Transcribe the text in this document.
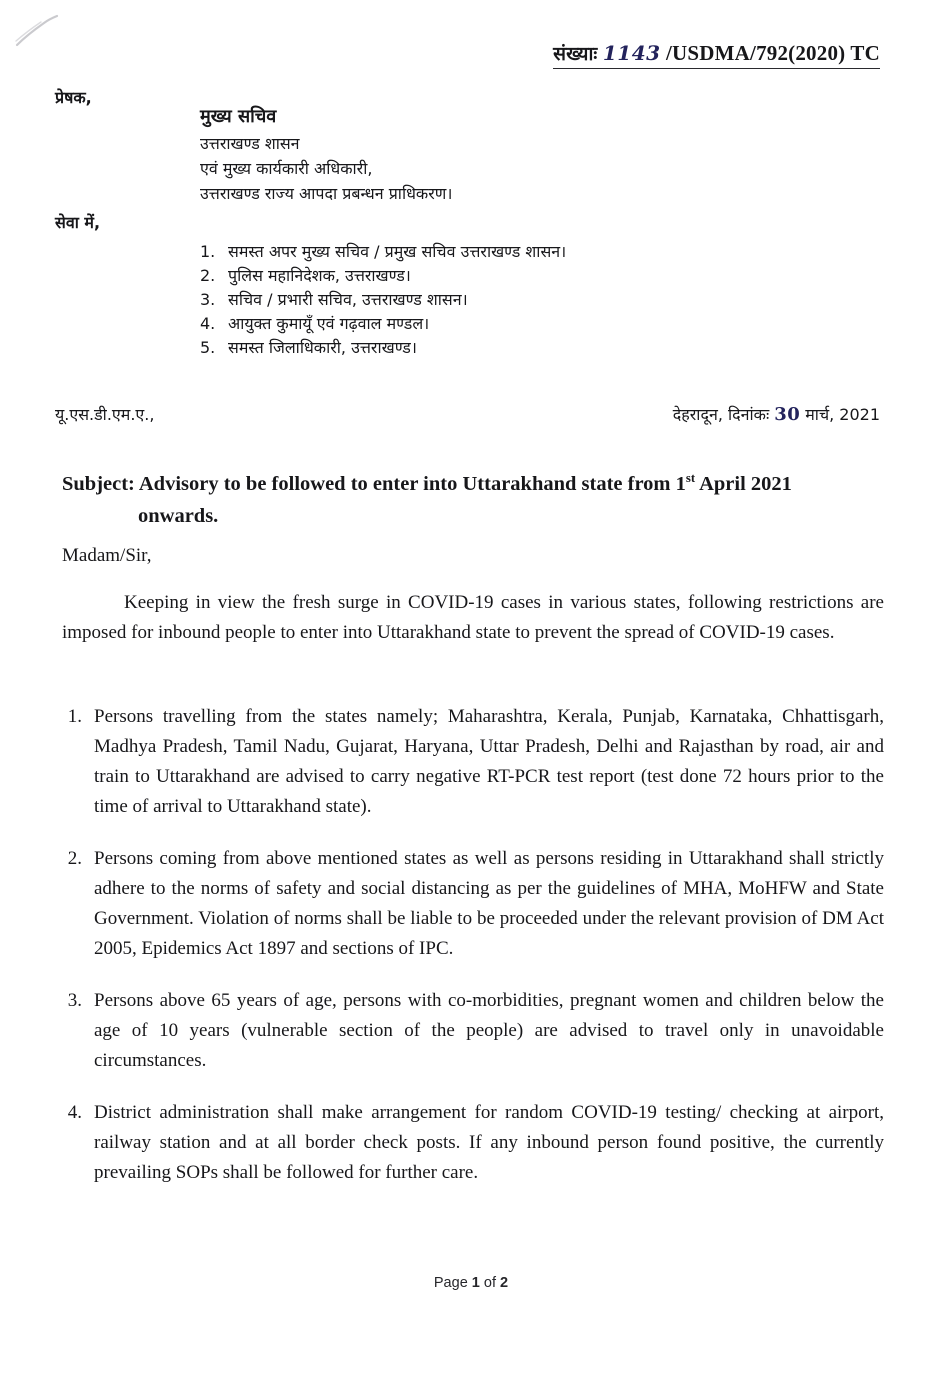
संख्याः 1143 /USDMA/792(2020) TC
प्रेषक,
मुख्य सचिव
उत्तराखण्ड शासन
एवं मुख्य कार्यकारी अधिकारी,
उत्तराखण्ड राज्य आपदा प्रबन्धन प्राधिकरण।
सेवा में,
1. समस्त अपर मुख्य सचिव / प्रमुख सचिव उत्तराखण्ड शासन।
2. पुलिस महानिदेशक, उत्तराखण्ड।
3. सचिव / प्रभारी सचिव, उत्तराखण्ड शासन।
4. आयुक्त कुमायूँ एवं गढ़वाल मण्डल।
5. समस्त जिलाधिकारी, उत्तराखण्ड।
यू.एस.डी.एम.ए.,	देहरादून, दिनांकः 30 मार्च, 2021
Subject: Advisory to be followed to enter into Uttarakhand state from 1st April 2021
onwards.
Madam/Sir,
Keeping in view the fresh surge in COVID-19 cases in various states, following restrictions are imposed for inbound people to enter into Uttarakhand state to prevent the spread of COVID-19 cases.
1. Persons travelling from the states namely; Maharashtra, Kerala, Punjab, Karnataka, Chhattisgarh, Madhya Pradesh, Tamil Nadu, Gujarat, Haryana, Uttar Pradesh, Delhi and Rajasthan by road, air and train to Uttarakhand are advised to carry negative RT-PCR test report (test done 72 hours prior to the time of arrival to Uttarakhand state).
2. Persons coming from above mentioned states as well as persons residing in Uttarakhand shall strictly adhere to the norms of safety and social distancing as per the guidelines of MHA, MoHFW and State Government. Violation of norms shall be liable to be proceeded under the relevant provision of DM Act 2005, Epidemics Act 1897 and sections of IPC.
3. Persons above 65 years of age, persons with co-morbidities, pregnant women and children below the age of 10 years (vulnerable section of the people) are advised to travel only in unavoidable circumstances.
4. District administration shall make arrangement for random COVID-19 testing/ checking at airport, railway station and at all border check posts. If any inbound person found positive, the currently prevailing SOPs shall be followed for further care.
Page 1 of 2
